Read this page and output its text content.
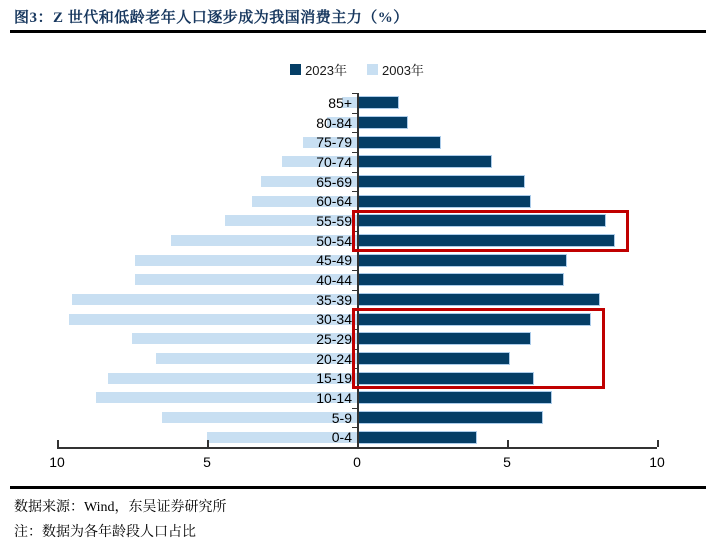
图3：Z 世代和低龄老年人口逐步成为我国消费主力（%）
2023年	2003年
85+
80-84
75-79
70-74
65-69
60-64
55-59
50-54
45-49
40-44
35-39
30-34
25-29
20-24
15-19
10-14
5-9
0-4
10	5	0	5	10
数据来源：Wind，东吴证券研究所
注：数据为各年龄段人口占比
